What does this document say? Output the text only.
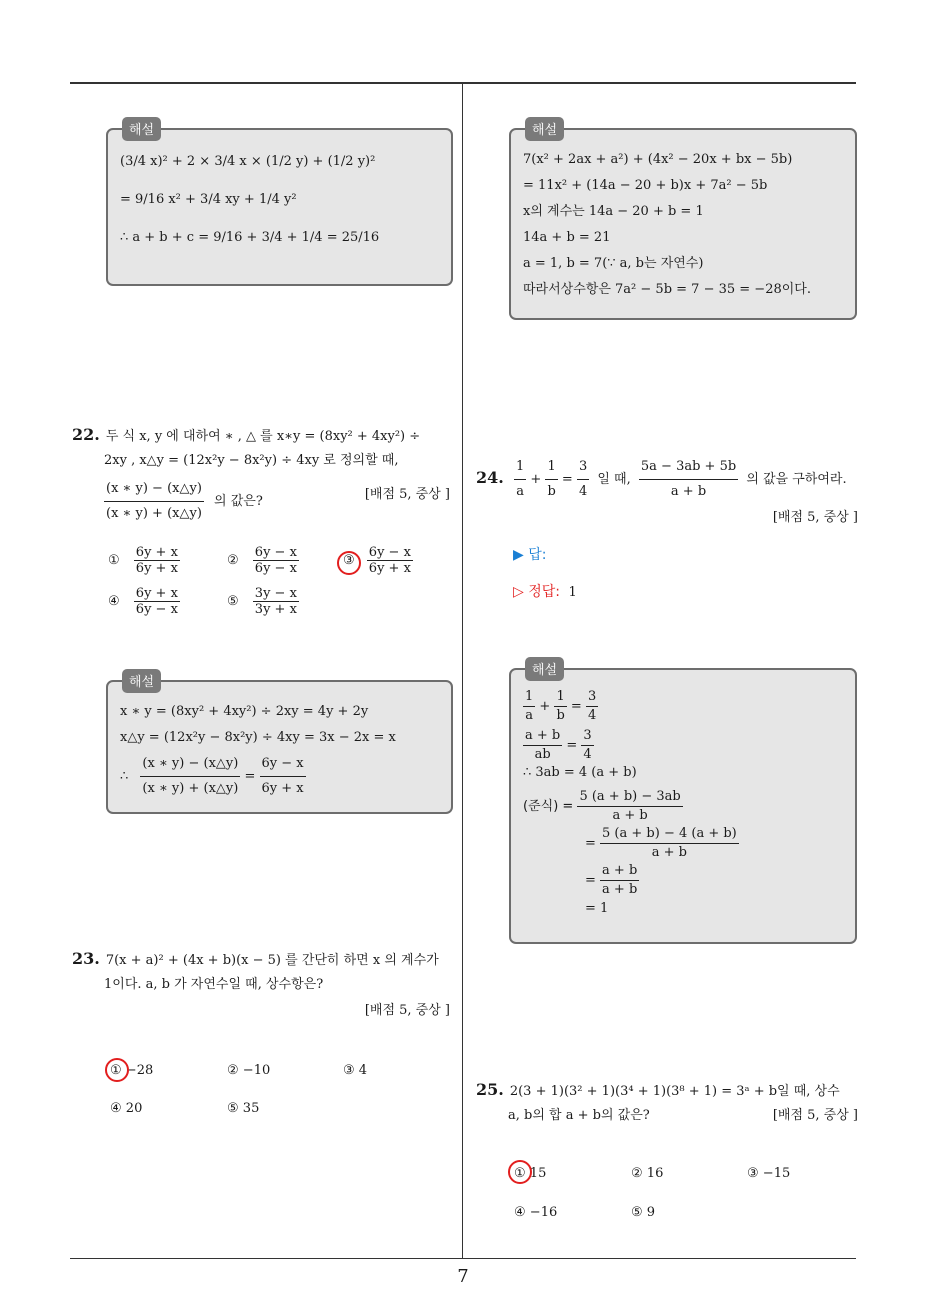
해설
(3/4 x)² + 2 × 3/4 x × (1/2 y) + (1/2 y)²
= 9/16 x² + 3/4 xy + 1/4 y²
∴ a + b + c = 9/16 + 3/4 + 1/4 = 25/16
해설
7(x² + 2ax + a²) + (4x² − 20x + bx − 5b)
= 11x² + (14a − 20 + b)x + 7a² − 5b
x의 계수는 14a − 20 + b = 1
14a + b = 21
a = 1, b = 7(∵ a, b는 자연수)
따라서상수항은 7a² − 5b = 7 − 35 = −28이다.
22. 두 식 x, y 에 대하여 ∗ , △ 를 x∗y = (8xy² + 4xy²) ÷
2xy , x△y = (12x²y − 8x²y) ÷ 4xy 로 정의할 때,
$\frac{(x ∗ y) - (x\triangle y)}{(x ∗ y) + (x\triangle y)}$ 의 값은?	[배점 5, 중상 ]
① $\frac{6y + x}{6y + x}$	② $\frac{6y - x}{6y - x}$	③ $\frac{6y - x}{6y + x}$
④ $\frac{6y + x}{6y - x}$	⑤ $\frac{3y - x}{3y + x}$
해설
x ∗ y = (8xy² + 4xy²) ÷ 2xy = 4y + 2y
x△y = (12x²y − 8x²y) ÷ 4xy = 3x − 2x = x
∴ $\frac{(x ∗ y) - (x\triangle y)}{(x ∗ y) + (x\triangle y)} = \frac{6y - x}{6y + x}$
23. 7(x + a)² + (4x + b)(x − 5) 를 간단히 하면 x 의 계수가
1이다. a, b 가 자연수일 때, 상수항은?
[배점 5, 중상 ]
① −28	② −10	③ 4
④ 20	⑤ 35
24. $\frac{1}{a} + \frac{1}{b} = \frac{3}{4}$ 일 때, $\frac{5a - 3ab + 5b}{a + b}$ 의 값을 구하여라.
[배점 5, 중상 ]
▶ 답:
▷ 정답: 1
해설
$\frac{1}{a} + \frac{1}{b} = \frac{3}{4}$
$\frac{a + b}{ab} = \frac{3}{4}$
∴ 3ab = 4 (a + b)
(준식) = $\frac{5 (a + b) - 3ab}{a + b}$
= $\frac{5 (a + b) - 4 (a + b)}{a + b}$
= $\frac{a + b}{a + b}$
= 1
25. 2(3 + 1)(3² + 1)(3⁴ + 1)(3⁸ + 1) = 3ᵃ + b일 때, 상수
a, b의 합 a + b의 값은?	[배점 5, 중상 ]
① 15	② 16	③ −15
④ −16	⑤ 9
7
